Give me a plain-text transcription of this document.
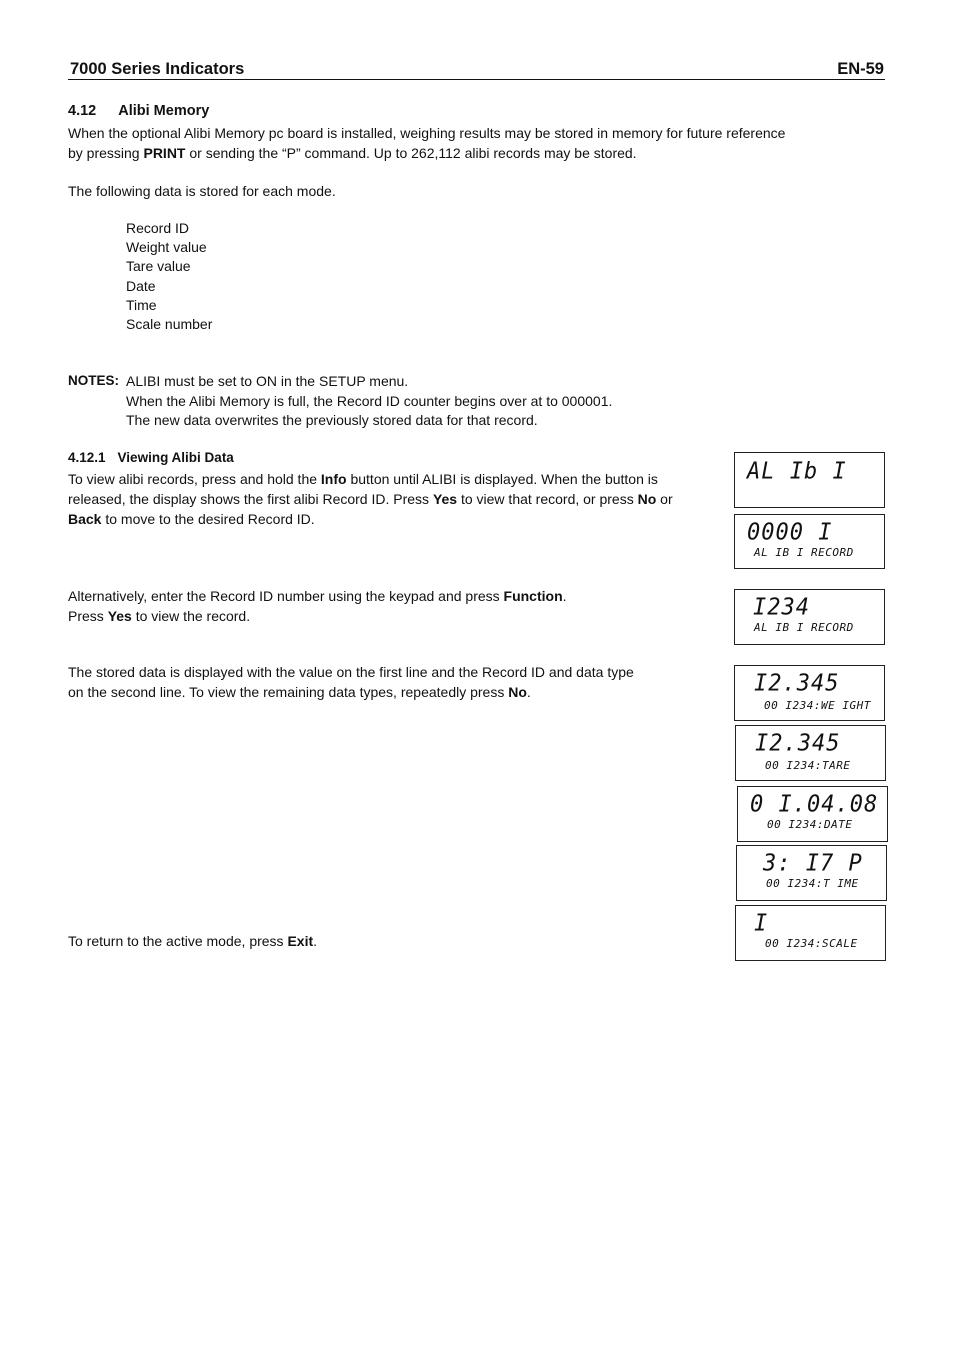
7000 Series Indicators	EN-59
4.12 Alibi Memory
When the optional Alibi Memory pc board is installed, weighing results may be stored in memory for future reference
by pressing PRINT or sending the “P” command. Up to 262,112 alibi records may be stored.
The following data is stored for each mode.
Record ID
Weight value
Tare value
Date
Time
Scale number
NOTES: ALIBI must be set to ON in the SETUP menu.
When the Alibi Memory is full, the Record ID counter begins over at to 000001.
The new data overwrites the previously stored data for that record.
4.12.1 Viewing Alibi Data
To view alibi records, press and hold the Info button until ALIBI is displayed. When the button is
released, the display shows the first alibi Record ID. Press Yes to view that record, or press No or
Back to move to the desired Record ID.
Alternatively, enter the Record ID number using the keypad and press Function.
Press Yes to view the record.
The stored data is displayed with the value on the first line and the Record ID and data type
on the second line. To view the remaining data types, repeatedly press No.
To return to the active mode, press Exit.
AL Ib I
0000 I
AL IB I RECORD
I234
AL IB I RECORD
I2.345
00 I234:WE IGHT
I2.345
00 I234:TARE
0 I.04.08
00 I234:DATE
3: I7 P
00 I234:T IME
I
00 I234:SCALE
